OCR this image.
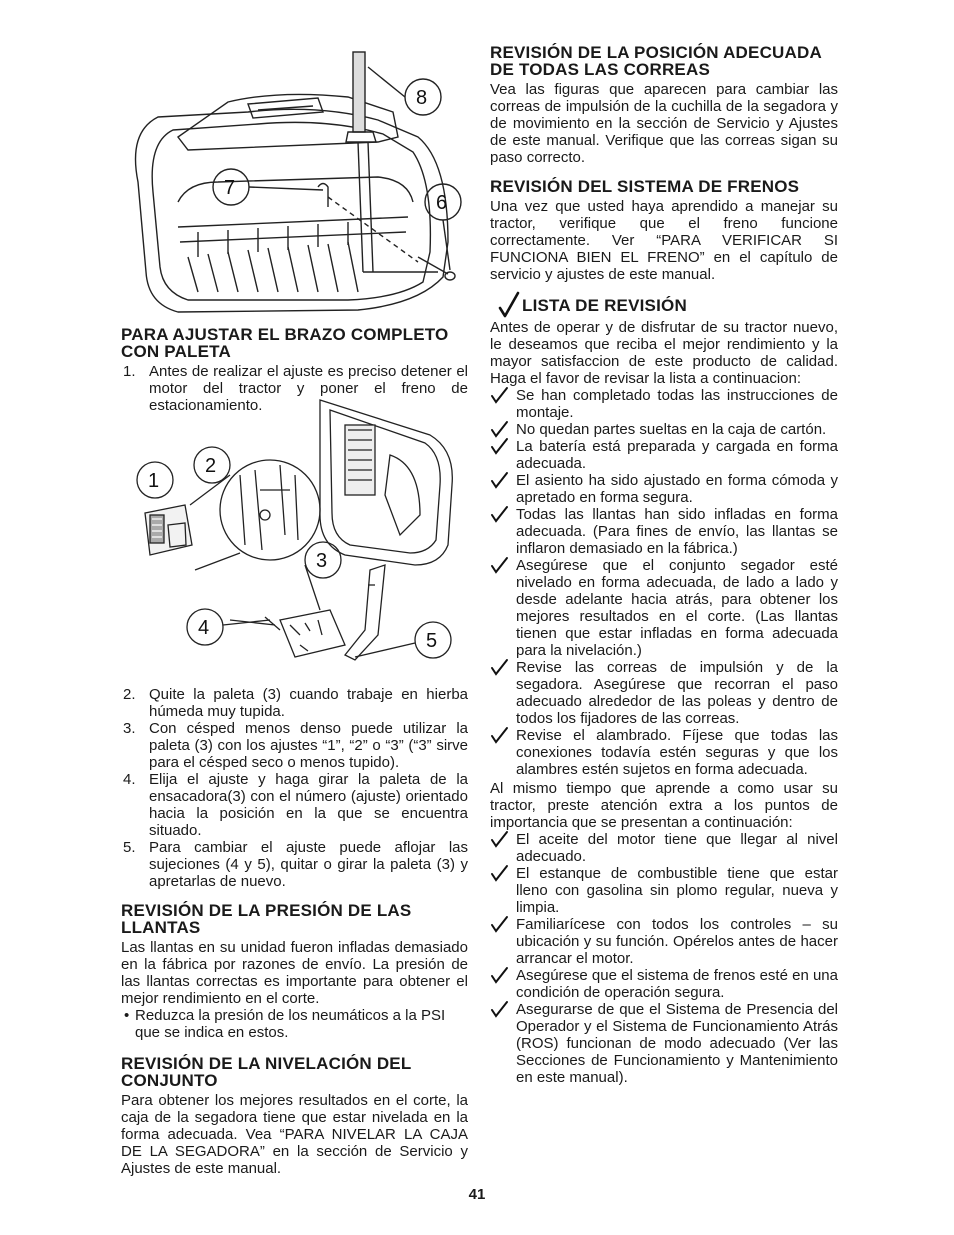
8
7
6
PARA AJUSTAR EL BRAZO COMPLETO CON PALETA
1. Antes de realizar el ajuste es preciso detener el motor del tractor y poner el freno de estacionamiento.
2. Quite la paleta (3) cuando trabaje en hierba húmeda muy tupida.
3. Con césped menos denso puede utilizar la paleta (3) con los ajustes “1”, “2” o “3” (“3” sirve para el césped seco o menos tupido).
4. Elija el ajuste y haga girar la paleta de la ensacadora(3) con el número (ajuste) orientado hacia la posición en la que se encuentra situado.
5. Para cambiar el ajuste puede aflojar las sujeciones (4 y 5), quitar o girar la paleta (3) y apretarlas de nuevo.
REVISIÓN DE LA PRESIÓN DE LAS LLANTAS
Las llantas en su unidad fueron infladas demasiado en la fábrica por razones de envío. La presión de las llantas correctas es importante para obtener el mejor rendimiento en el corte.
• Reduzca la presión de los neumáticos a la PSI que se indica en estos.
REVISIÓN DE LA NIVELACIÓN DEL CONJUNTO
Para obtener los mejores resultados en el corte, la caja de la segadora tiene que estar nivelada en la forma adecuada. Vea “PARA NIVELAR LA CAJA DE LA SEGADORA” en la sección de Servicio y Ajustes de este manual.
1
2
3
4
5
REVISIÓN DE LA POSICIÓN ADECUADA DE TODAS LAS CORREAS
Vea las figuras que aparecen para cambiar las correas de impulsión de la cuchilla de la segadora y de movimiento en la sección de Servicio y Ajustes de este manual. Verifique que las correas sigan su paso correcto.
REVISIÓN DEL SISTEMA DE FRENOS
Una vez que usted haya aprendido a manejar su tractor, verifique que el freno funcione correctamente. Ver “PARA VERIFICAR SI FUNCIONA BIEN EL FRENO” en el capítulo de servicio y ajustes de este manual.
LISTA DE REVISIÓN
Antes de operar y de disfrutar de su tractor nuevo, le deseamos que reciba el mejor rendimiento y la mayor satisfaccion de este producto de calidad. Haga el favor de revisar la lista a continuacion:
Se han completado todas las instrucciones de montaje.
No quedan partes sueltas en la caja de cartón.
La batería está preparada y cargada en forma adecuada.
El asiento ha sido ajustado en forma cómoda y apretado en forma segura.
Todas las llantas han sido infladas en forma adecuada. (Para fines de envío, las llantas se inflaron demasiado en la fábrica.)
Asegúrese que el conjunto segador esté nivelado en forma adecuada, de lado a lado y desde adelante hacia atrás, para obtener los mejores resultados en el corte. (Las llantas tienen que estar infladas en forma adecuada para la nivelación.)
Revise las correas de impulsión y de la segadora. Asegúrese que recorran el paso adecuado alrededor de las poleas y dentro de todos los fijadores de las correas.
Revise el alambrado. Fíjese que todas las conexiones todavía estén seguras y que los alambres estén sujetos en forma adecuada.
Al mismo tiempo que aprende a como usar su tractor, preste atención extra a los puntos de importancia que se presentan a continuación:
El aceite del motor tiene que llegar al nivel adecuado.
El estanque de combustible tiene que estar lleno con gasolina sin plomo regular, nueva y limpia.
Familiarícese con todos los controles – su ubicación y su función. Opérelos antes de hacer arrancar el motor.
Asegúrese que el sistema de frenos esté en una condición de operación segura.
Asegurarse de que el Sistema de Presencia del Operador y el Sistema de Funcionamiento Atrás (ROS) funcionan de modo adecuado (Ver las Secciones de Funcionamiento y Mantenimiento en este manual).
41
